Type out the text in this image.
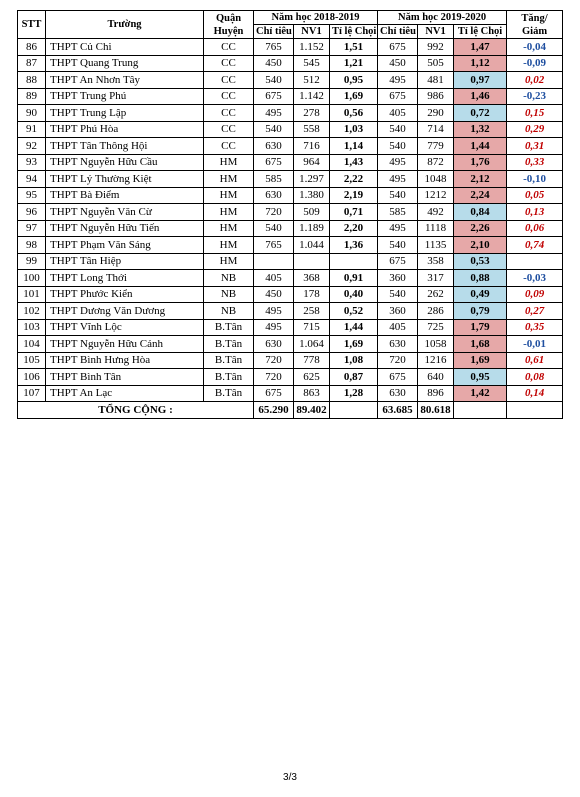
STT	Trường	Quận Huyện	Năm học 2018-2019			Năm học 2019-2020			Tăng/ Giảm
			Chỉ tiêu	NV1	Tỉ lệ Chọi	Chỉ tiêu	NV1	Tỉ lệ Chọi	
86	THPT Củ Chi	CC	765	1.152	1,51	675	992	1,47	-0,04
87	THPT Quang Trung	CC	450	545	1,21	450	505	1,12	-0,09
88	THPT An Nhơn Tây	CC	540	512	0,95	495	481	0,97	0,02
89	THPT Trung Phú	CC	675	1.142	1,69	675	986	1,46	-0,23
90	THPT Trung Lập	CC	495	278	0,56	405	290	0,72	0,15
91	THPT Phú Hòa	CC	540	558	1,03	540	714	1,32	0,29
92	THPT Tân Thông Hội	CC	630	716	1,14	540	779	1,44	0,31
93	THPT Nguyễn Hữu Cầu	HM	675	964	1,43	495	872	1,76	0,33
94	THPT Lý Thường Kiệt	HM	585	1.297	2,22	495	1048	2,12	-0,10
95	THPT Bà Điểm	HM	630	1.380	2,19	540	1212	2,24	0,05
96	THPT Nguyễn Văn Cừ	HM	720	509	0,71	585	492	0,84	0,13
97	THPT Nguyễn Hữu Tiến	HM	540	1.189	2,20	495	1118	2,26	0,06
98	THPT Phạm Văn Sáng	HM	765	1.044	1,36	540	1135	2,10	0,74
99	THPT Tân Hiệp	HM				675	358	0,53	
100	THPT Long Thới	NB	405	368	0,91	360	317	0,88	-0,03
101	THPT Phước Kiển	NB	450	178	0,40	540	262	0,49	0,09
102	THPT Dương Văn Dương	NB	495	258	0,52	360	286	0,79	0,27
103	THPT Vĩnh Lộc	B.Tân	495	715	1,44	405	725	1,79	0,35
104	THPT Nguyễn Hữu Cảnh	B.Tân	630	1.064	1,69	630	1058	1,68	-0,01
105	THPT Bình Hưng Hòa	B.Tân	720	778	1,08	720	1216	1,69	0,61
106	THPT Bình Tân	B.Tân	720	625	0,87	675	640	0,95	0,08
107	THPT An Lạc	B.Tân	675	863	1,28	630	896	1,42	0,14
TỔNG CỘNG :			65.290	89.402		63.685	80.618		
3/3
